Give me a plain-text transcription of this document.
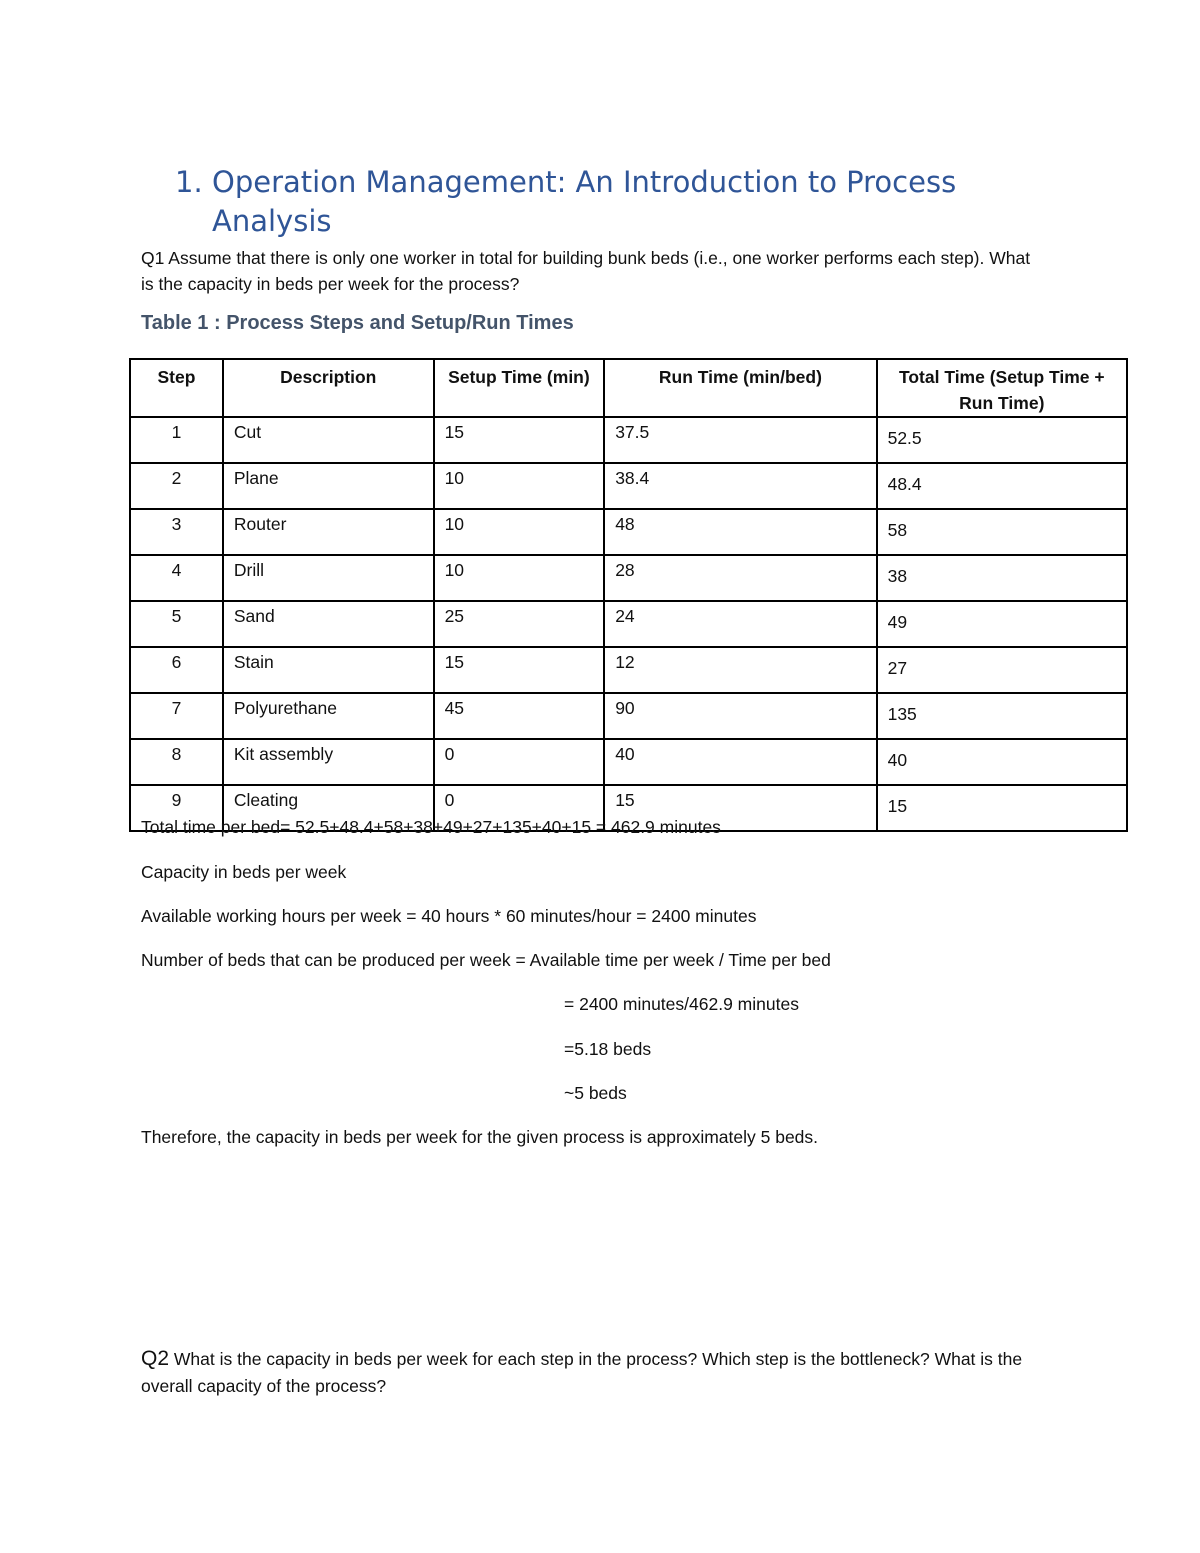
1. Operation Management: An Introduction to Process Analysis
Q1 Assume that there is only one worker in total for building bunk beds (i.e., one worker performs each step). What is the capacity in beds per week for the process?
Table 1 : Process Steps and Setup/Run Times
Step	Description	Setup Time (min)	Run Time (min/bed)	Total Time (Setup Time + Run Time)
1	Cut	15	37.5	52.5
2	Plane	10	38.4	48.4
3	Router	10	48	58
4	Drill	10	28	38
5	Sand	25	24	49
6	Stain	15	12	27
7	Polyurethane	45	90	135
8	Kit assembly	0	40	40
9	Cleating	0	15	15
Total time per bed= 52.5+48.4+58+38+49+27+135+40+15 = 462.9 minutes
Capacity in beds per week
Available working hours per week = 40 hours * 60 minutes/hour = 2400 minutes
Number of beds that can be produced per week = Available time per week / Time per bed
= 2400 minutes/462.9 minutes
=5.18 beds
~5 beds
Therefore, the capacity in beds per week for the given process is approximately 5 beds.
Q2 What is the capacity in beds per week for each step in the process? Which step is the bottleneck? What is the overall capacity of the process?
